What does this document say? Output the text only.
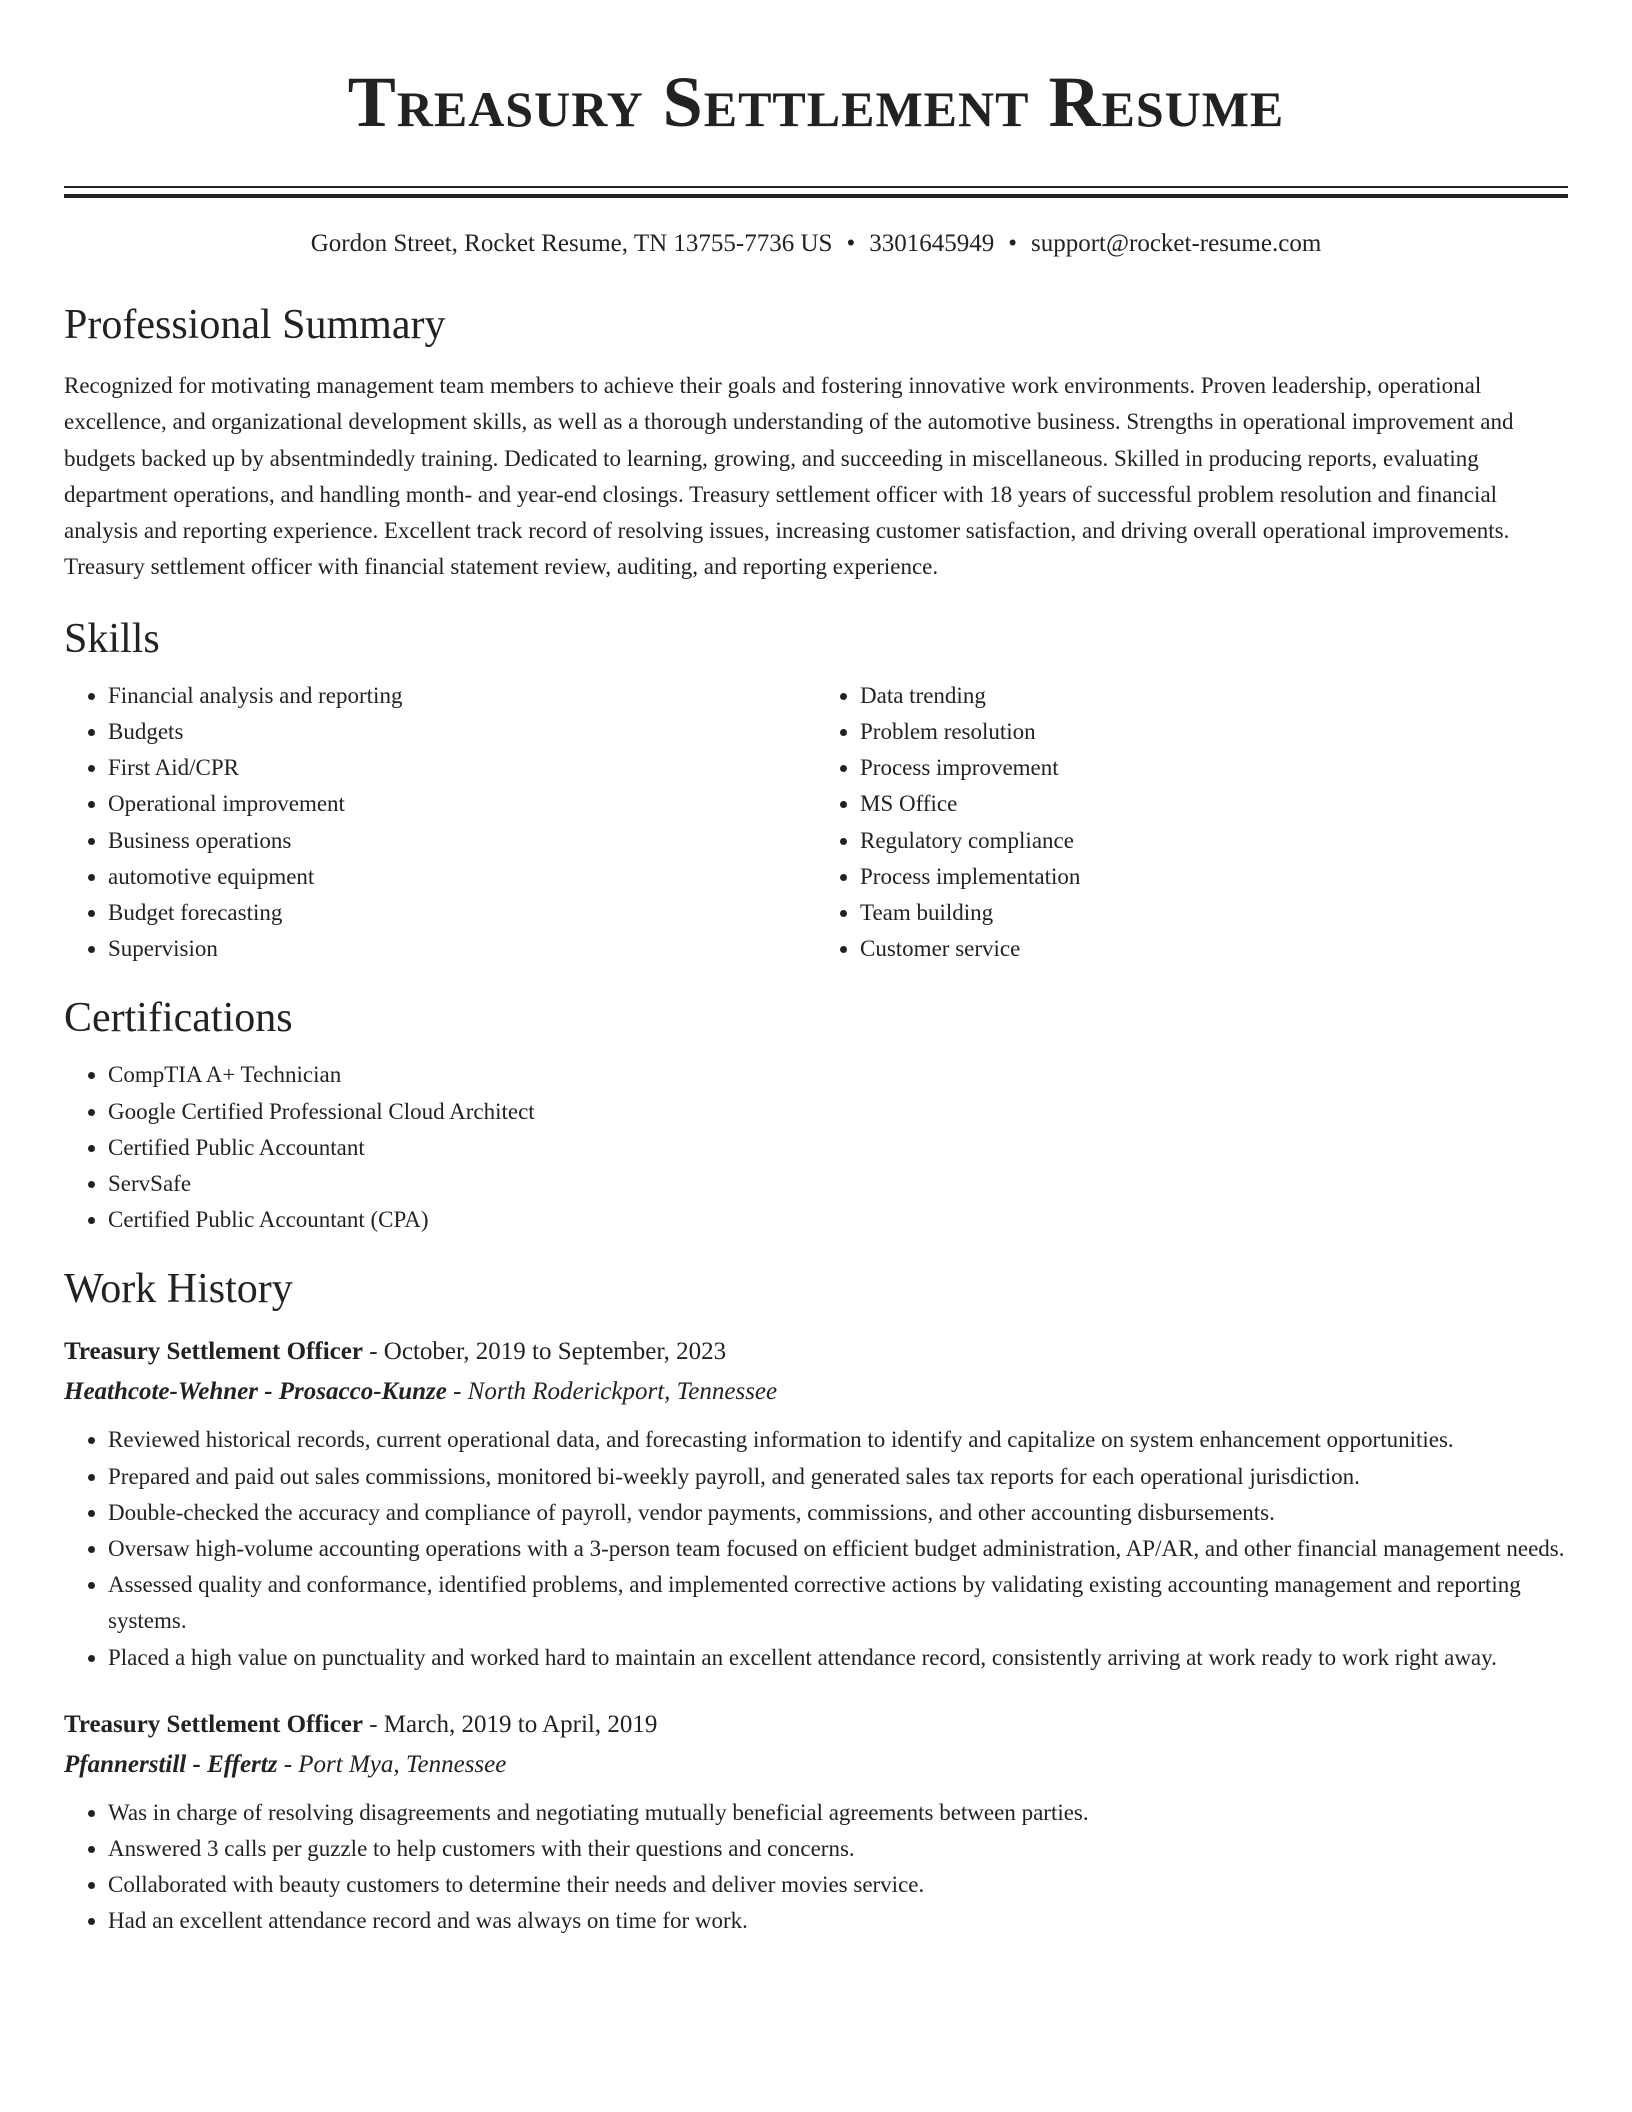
Treasury Settlement Resume
Gordon Street, Rocket Resume, TN 13755-7736 US • 3301645949 • support@rocket-resume.com
Professional Summary

Recognized for motivating management team members to achieve their goals and fostering innovative work environments. Proven leadership, operational excellence, and organizational development skills, as well as a thorough understanding of the automotive business. Strengths in operational improvement and budgets backed up by absentmindedly training. Dedicated to learning, growing, and succeeding in miscellaneous. Skilled in producing reports, evaluating department operations, and handling month- and year-end closings. Treasury settlement officer with 18 years of successful problem resolution and financial analysis and reporting experience. Excellent track record of resolving issues, increasing customer satisfaction, and driving overall operational improvements. Treasury settlement officer with financial statement review, auditing, and reporting experience.

Skills
• Financial analysis and reporting
• Budgets
• First Aid/CPR
• Operational improvement
• Business operations
• automotive equipment
• Budget forecasting
• Supervision
• Data trending
• Problem resolution
• Process improvement
• MS Office
• Regulatory compliance
• Process implementation
• Team building
• Customer service
Certifications
• CompTIA A+ Technician
• Google Certified Professional Cloud Architect
• Certified Public Accountant
• ServSafe
• Certified Public Accountant (CPA)
Work History
Treasury Settlement Officer - October, 2019 to September, 2023
Heathcote-Wehner - Prosacco-Kunze - North Roderickport, Tennessee
• Reviewed historical records, current operational data, and forecasting information to identify and capitalize on system enhancement opportunities.
• Prepared and paid out sales commissions, monitored bi-weekly payroll, and generated sales tax reports for each operational jurisdiction.
• Double-checked the accuracy and compliance of payroll, vendor payments, commissions, and other accounting disbursements.
• Oversaw high-volume accounting operations with a 3-person team focused on efficient budget administration, AP/AR, and other financial management needs.
• Assessed quality and conformance, identified problems, and implemented corrective actions by validating existing accounting management and reporting systems.
• Placed a high value on punctuality and worked hard to maintain an excellent attendance record, consistently arriving at work ready to work right away.
Treasury Settlement Officer - March, 2019 to April, 2019
Pfannerstill - Effertz - Port Mya, Tennessee
• Was in charge of resolving disagreements and negotiating mutually beneficial agreements between parties.
• Answered 3 calls per guzzle to help customers with their questions and concerns.
• Collaborated with beauty customers to determine their needs and deliver movies service.
• Had an excellent attendance record and was always on time for work.
